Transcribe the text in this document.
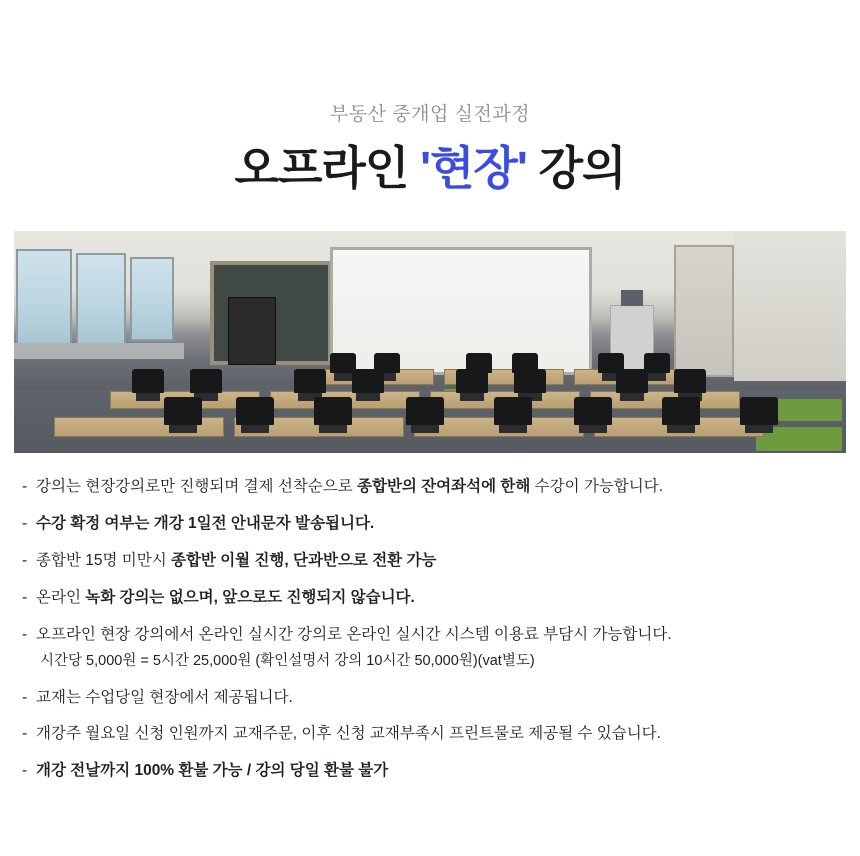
부동산 중개업 실전과정
오프라인 '현장' 강의
- 강의는 현장강의로만 진행되며 결제 선착순으로 종합반의 잔여좌석에 한해 수강이 가능합니다.
- 수강 확정 여부는 개강 1일전 안내문자 발송됩니다.
- 종합반 15명 미만시 종합반 이월 진행, 단과반으로 전환 가능
- 온라인 녹화 강의는 없으며, 앞으로도 진행되지 않습니다.
- 오프라인 현장 강의에서 온라인 실시간 강의로 온라인 실시간 시스템 이용료 부담시 가능합니다.
시간당 5,000원 = 5시간 25,000원 (확인설명서 강의 10시간 50,000원)(vat별도)
- 교재는 수업당일 현장에서 제공됩니다.
- 개강주 월요일 신청 인원까지 교재주문, 이후 신청 교재부족시 프린트물로 제공될 수 있습니다.
- 개강 전날까지 100% 환불 가능 / 강의 당일 환불 불가
